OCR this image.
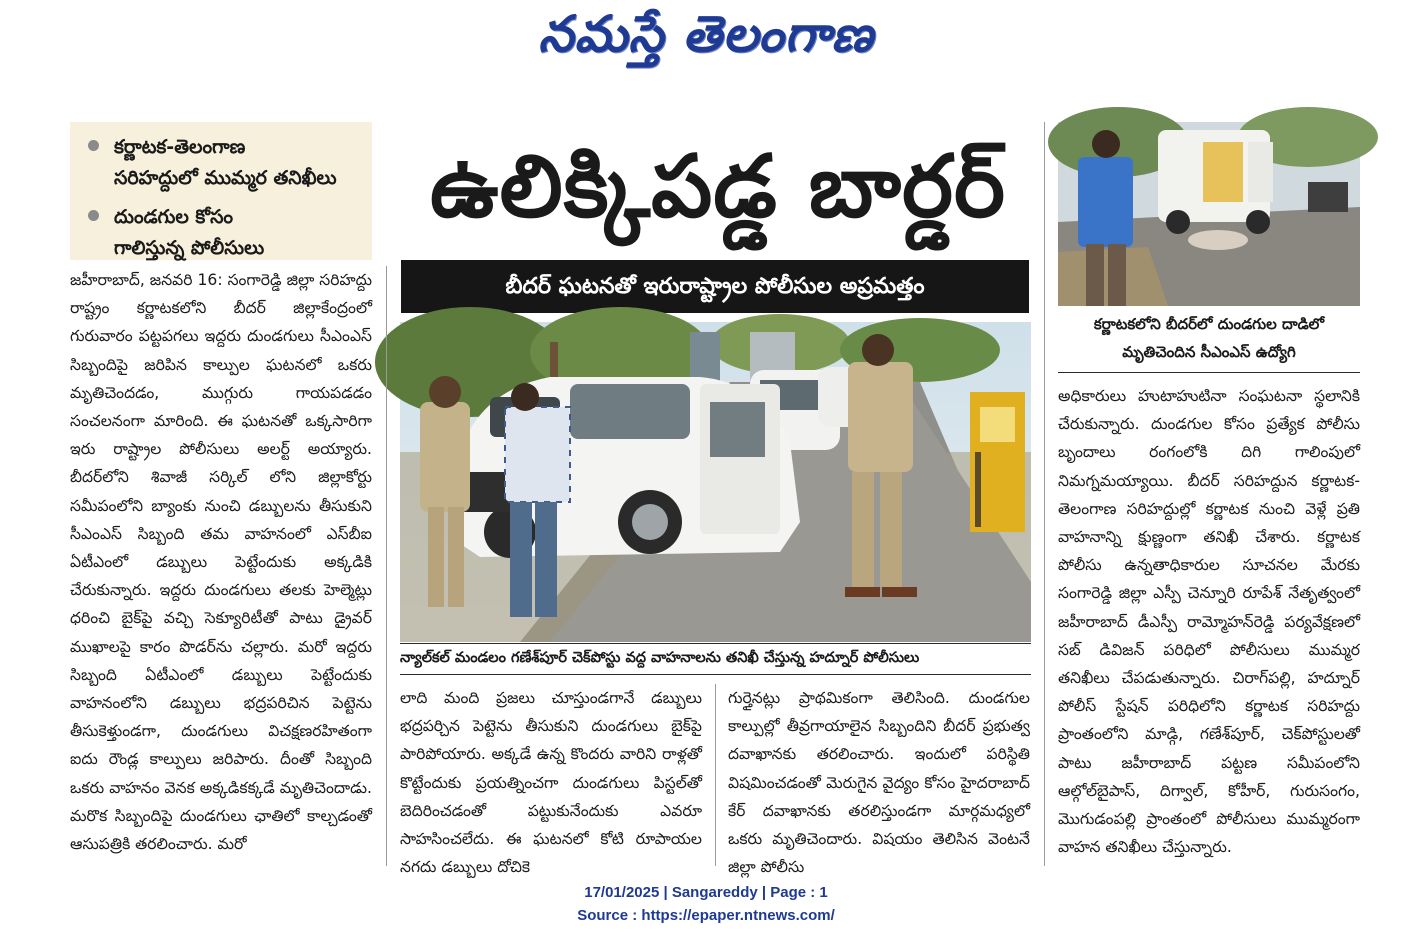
నమస్తే తెలంగాణ
కర్ణాటక-తెలంగాణ
సరిహద్దులో ముమ్మర తనిఖీలు
దుండగుల కోసం
గాలిస్తున్న పోలీసులు
ఉలిక్కిపడ్డ బార్డర్
బీదర్ ఘటనతో ఇరురాష్ట్రాల పోలీసుల అప్రమత్తం
న్యాల్‌కల్ మండలం గణేశ్‌పూర్ చెక్‌పోస్టు వద్ద వాహనాలను తనిఖీ చేస్తున్న హద్నూర్ పోలీసులు
కర్ణాటకలోని బీదర్‌లో దుండగుల దాడిలో
మృతిచెందిన సీఎంఎస్ ఉద్యోగి

జహీరాబాద్, జనవరి 16: సంగారెడ్డి జిల్లా సరిహద్దు రాష్ట్రం కర్ణాటకలోని బీదర్ జిల్లాకేంద్రంలో గురువారం పట్టపగలు ఇద్దరు దుండగులు సీఎంఎస్ సిబ్బందిపై జరిపిన కాల్పుల ఘటనలో ఒకరు మృతిచెందడం, ముగ్గురు గాయపడడం సంచలనంగా మారింది. ఈ ఘటనతో ఒక్కసారిగా ఇరు రాష్ట్రాల పోలీసులు అలర్ట్ అయ్యారు. బీదర్‌లోని శివాజీ సర్కిల్ లోని జిల్లాకోర్టు సమీపంలోని బ్యాంకు నుంచి డబ్బులను తీసుకుని సీఎంఎస్ సిబ్బంది తమ వాహనంలో ఎస్‌బీఐ ఏటీఎంలో డబ్బులు పెట్టేందుకు అక్కడికి చేరుకున్నారు. ఇద్దరు దుండగులు తలకు హెల్మెట్లు ధరించి బైక్‌పై వచ్చి సెక్యూరిటీతో పాటు డ్రైవర్ ముఖాలపై కారం పొడర్‌ను చల్లారు. మరో ఇద్దరు సిబ్బంది ఏటీఎంలో డబ్బులు పెట్టేందుకు వాహనంలోని డబ్బులు భద్రపరిచిన పెట్టెను తీసుకెళ్తుండగా, దుండగులు విచక్షణరహితంగా ఐదు రౌండ్ల కాల్పులు జరిపారు. దీంతో సిబ్బంది ఒకరు వాహనం వెనక అక్కడికక్కడే మృతిచెందాడు. మరొక సిబ్బందిపై దుండగులు ఛాతిలో కాల్చడంతో ఆసుపత్రికి తరలించారు. మరో

లాది మంది ప్రజలు చూస్తుండగానే డబ్బులు భద్రపర్చిన పెట్టెను తీసుకుని దుండగులు బైక్‌పై పారిపోయారు. అక్కడే ఉన్న కొందరు వారిని రాళ్లతో కొట్టేందుకు ప్రయత్నించగా దుండగులు పిస్టల్‌తో బెదిరించడంతో పట్టుకునేందుకు ఎవరూ సాహసించలేదు. ఈ ఘటనలో కోటి రూపాయల నగదు డబ్బులు దోచికె

గుర్తైనట్లు ప్రాథమికంగా తెలిసింది. దుండగుల కాల్పుల్లో తీవ్రగాయాలైన సిబ్బందిని బీదర్ ప్రభుత్వ దవాఖానకు తరలించారు. ఇందులో పరిస్థితి విషమించడంతో మెరుగైన వైద్యం కోసం హైదరాబాద్ కేర్ దవాఖానకు తరలిస్తుండగా మార్గమధ్యలో ఒకరు మృతిచెందారు. విషయం తెలిసిన వెంటనే జిల్లా పోలీసు

అధికారులు హుటాహుటినా సంఘటనా స్థలానికి చేరుకున్నారు. దుండగుల కోసం ప్రత్యేక పోలీసు బృందాలు రంగంలోకి దిగి గాలింపులో నిమగ్నమయ్యాయి. బీదర్ సరిహద్దున కర్ణాటక-తెలంగాణ సరిహద్దుల్లో కర్ణాటక నుంచి వెళ్లే ప్రతి వాహనాన్ని క్షుణ్ణంగా తనిఖీ చేశారు. కర్ణాటక పోలీసు ఉన్నతాధికారుల సూచనల మేరకు సంగారెడ్డి జిల్లా ఎస్పీ చెన్నూరి రూపేశ్ నేతృత్వంలో జహీరాబాద్ డీఎస్పీ రామ్మోహన్‌రెడ్డి పర్యవేక్షణలో సబ్ డివిజన్ పరిధిలో పోలీసులు ముమ్మర తనిఖీలు చేపడుతున్నారు. చిరాగ్‌పల్లి, హద్నూర్ పోలీస్ స్టేషన్ పరిధిలోని కర్ణాటక సరిహద్దు ప్రాంతంలోని మాడ్గి, గణేశ్‌పూర్, చెక్‌పోస్టులతో పాటు జహీరాబాద్ పట్టణ సమీపంలోని ఆల్గోల్‌బైపాస్, దిగ్వాల్, కోహీర్, గురుసంగం, మొగుడంపల్లి ప్రాంతంలో పోలీసులు ముమ్మరంగా వాహన తనిఖీలు చేస్తున్నారు.

17/01/2025 | Sangareddy | Page : 1
Source : https://epaper.ntnews.com/
